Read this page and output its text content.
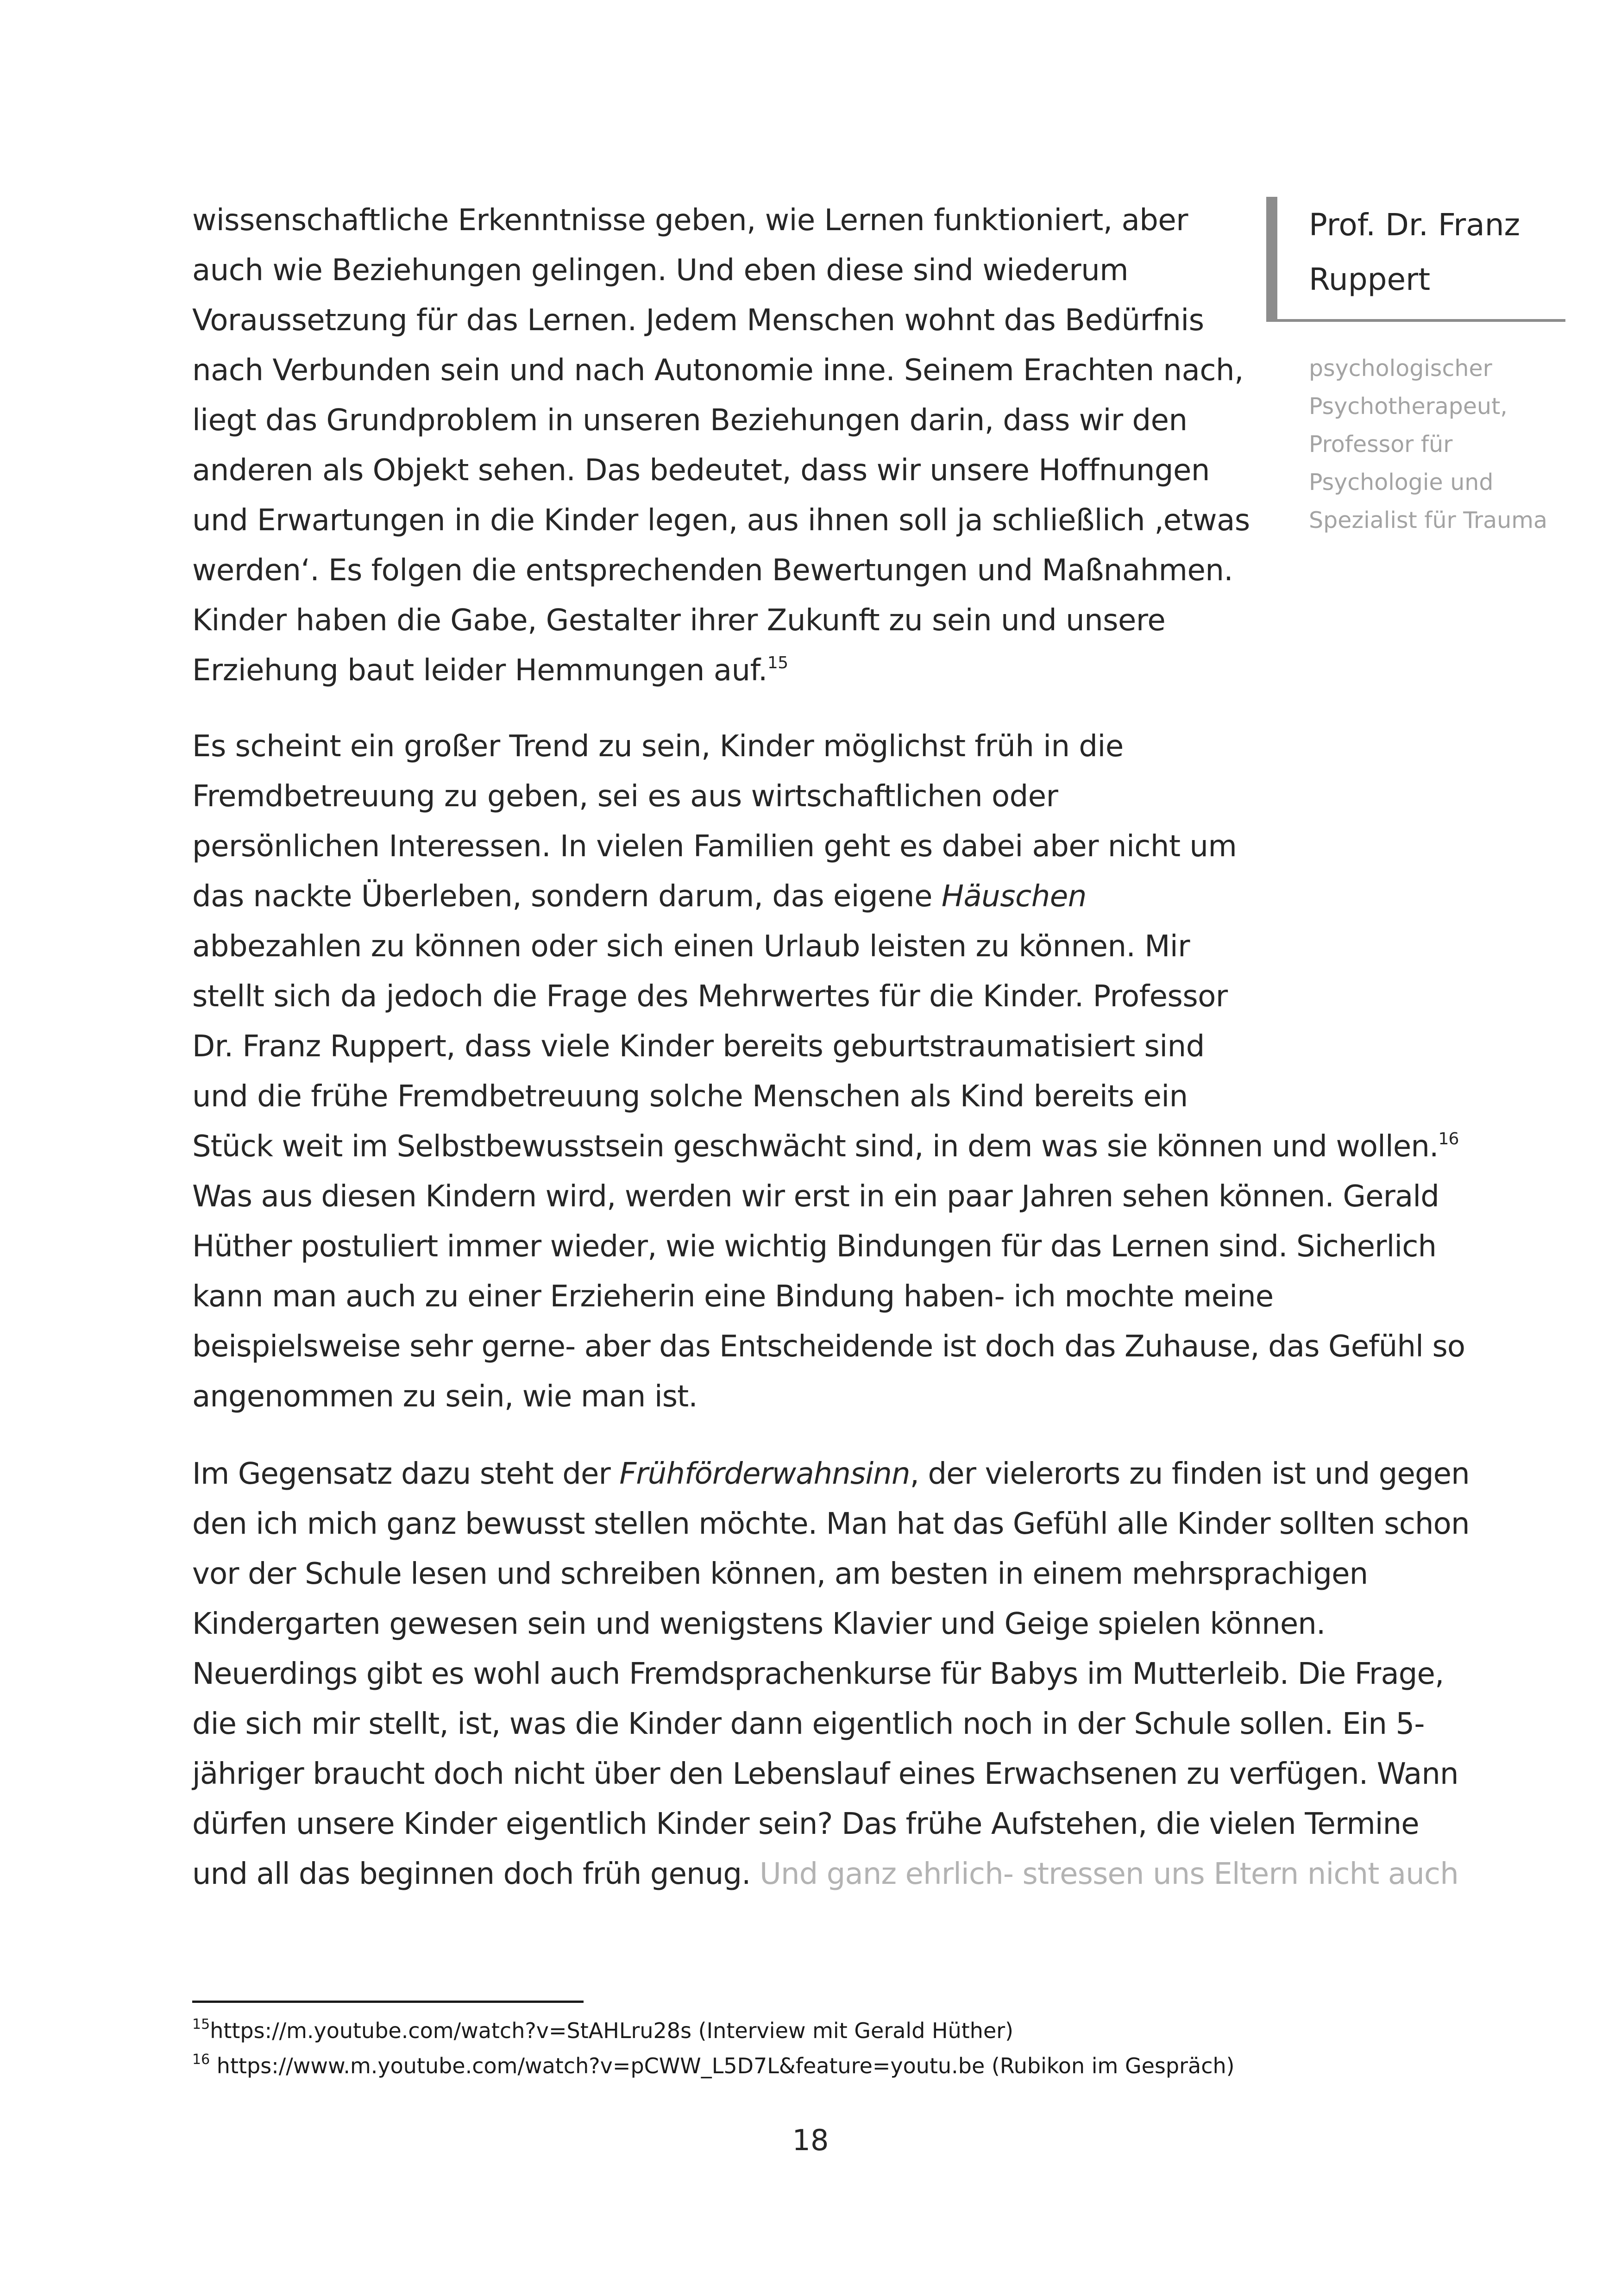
Prof. Dr. Franz
Ruppert
psychologischer
Psychotherapeut,
Professor für
Psychologie und
Spezialist für Trauma
wissenschaftliche Erkenntnisse geben, wie Lernen funktioniert, aber
auch wie Beziehungen gelingen. Und eben diese sind wiederum
Voraussetzung für das Lernen. Jedem Menschen wohnt das Bedürfnis
nach Verbunden sein und nach Autonomie inne. Seinem Erachten nach,
liegt das Grundproblem in unseren Beziehungen darin, dass wir den
anderen als Objekt sehen. Das bedeutet, dass wir unsere Hoffnungen
und Erwartungen in die Kinder legen, aus ihnen soll ja schließlich ‚etwas
werden‘. Es folgen die entsprechenden Bewertungen und Maßnahmen.
Kinder haben die Gabe, Gestalter ihrer Zukunft zu sein und unsere
Erziehung baut leider Hemmungen auf.$^{15}$
Es scheint ein großer Trend zu sein, Kinder möglichst früh in die
Fremdbetreuung zu geben, sei es aus wirtschaftlichen oder
persönlichen Interessen. In vielen Familien geht es dabei aber nicht um
das nackte Überleben, sondern darum, das eigene Häuschen
abbezahlen zu können oder sich einen Urlaub leisten zu können. Mir
stellt sich da jedoch die Frage des Mehrwertes für die Kinder. Professor
Dr. Franz Ruppert, dass viele Kinder bereits geburtstraumatisiert sind
und die frühe Fremdbetreuung solche Menschen als Kind bereits ein
Stück weit im Selbstbewusstsein geschwächt sind, in dem was sie können und wollen.$^{16}$
Was aus diesen Kindern wird, werden wir erst in ein paar Jahren sehen können. Gerald
Hüther postuliert immer wieder, wie wichtig Bindungen für das Lernen sind. Sicherlich
kann man auch zu einer Erzieherin eine Bindung haben- ich mochte meine
beispielsweise sehr gerne- aber das Entscheidende ist doch das Zuhause, das Gefühl so
angenommen zu sein, wie man ist.
Im Gegensatz dazu steht der Frühförderwahnsinn, der vielerorts zu finden ist und gegen
den ich mich ganz bewusst stellen möchte. Man hat das Gefühl alle Kinder sollten schon
vor der Schule lesen und schreiben können, am besten in einem mehrsprachigen
Kindergarten gewesen sein und wenigstens Klavier und Geige spielen können.
Neuerdings gibt es wohl auch Fremdsprachenkurse für Babys im Mutterleib. Die Frage,
die sich mir stellt, ist, was die Kinder dann eigentlich noch in der Schule sollen. Ein 5-
jähriger braucht doch nicht über den Lebenslauf eines Erwachsenen zu verfügen. Wann
dürfen unsere Kinder eigentlich Kinder sein? Das frühe Aufstehen, die vielen Termine
und all das beginnen doch früh genug. Und ganz ehrlich- stressen uns Eltern nicht auch
$^{15}$https://m.youtube.com/watch?v=StAHLru28s (Interview mit Gerald Hüther)
$^{16}$ https://www.m.youtube.com/watch?v=pCWW_L5D7L&feature=youtu.be (Rubikon im Gespräch)
18
